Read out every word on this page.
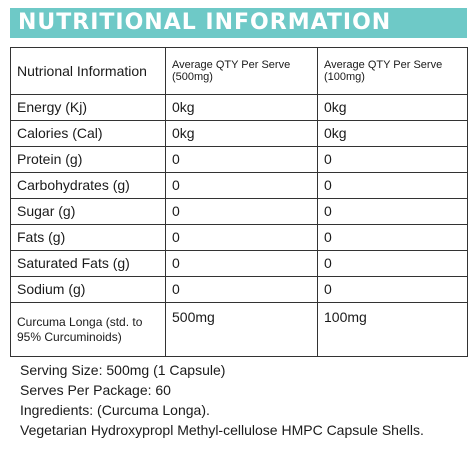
NUTRITIONAL INFORMATION
Nutrional Information	Average QTY Per Serve (500mg)	Average QTY Per Serve (100mg)
Energy (Kj)	0kg	0kg
Calories (Cal)	0kg	0kg
Protein (g)	0	0
Carbohydrates (g)	0	0
Sugar (g)	0	0
Fats (g)	0	0
Saturated Fats (g)	0	0
Sodium (g)	0	0
Curcuma Longa (std. to 95% Curcuminoids)	500mg	100mg
Serving Size: 500mg (1 Capsule)
Serves Per Package: 60
Ingredients: (Curcuma Longa).
Vegetarian Hydroxypropl Methyl-cellulose HMPC Capsule Shells.
